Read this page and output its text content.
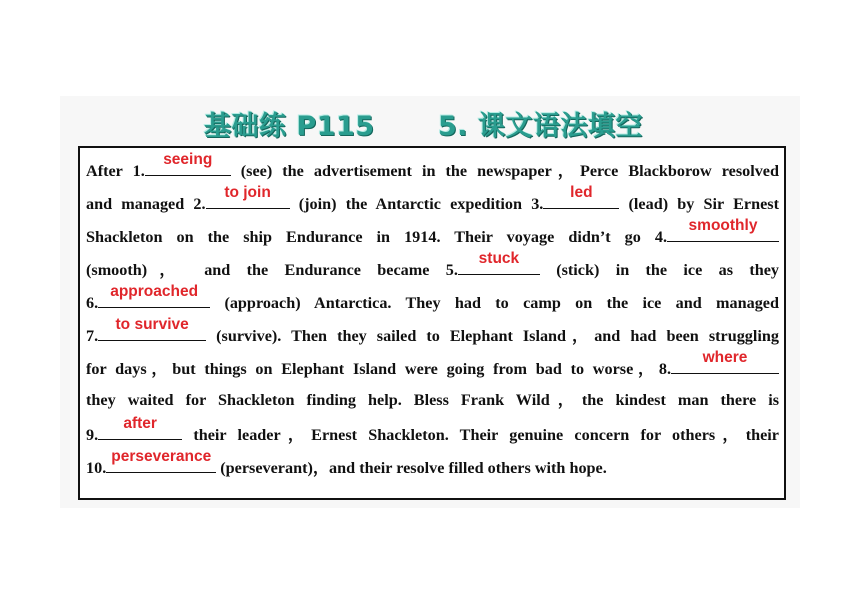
基础练 P115 5. 课文语法填空
After 1.
seeing
(see) the advertisement in the newspaper，Perce Blackborow resolved
and managed 2.
to join
(join) the Antarctic expedition 3.
led
(lead) by Sir Ernest
Shackleton on the ship Endurance in 1914. Their voyage didn’t go 4.
smoothly
(smooth)， and the Endurance became 5.
stuck
(stick) in the ice as they
6.
approached
(approach) Antarctica. They had to camp on the ice and managed
7.
to survive
(survive). Then they sailed to Elephant Island，and had been struggling
for days，but things on Elephant Island were going from bad to worse，8.
where
they waited for Shackleton finding help. Bless Frank Wild，the kindest man there is
9.
after
their leader，Ernest Shackleton. Their genuine concern for others，their
10.
perseverance
(perseverant)，and their resolve filled others with hope.
